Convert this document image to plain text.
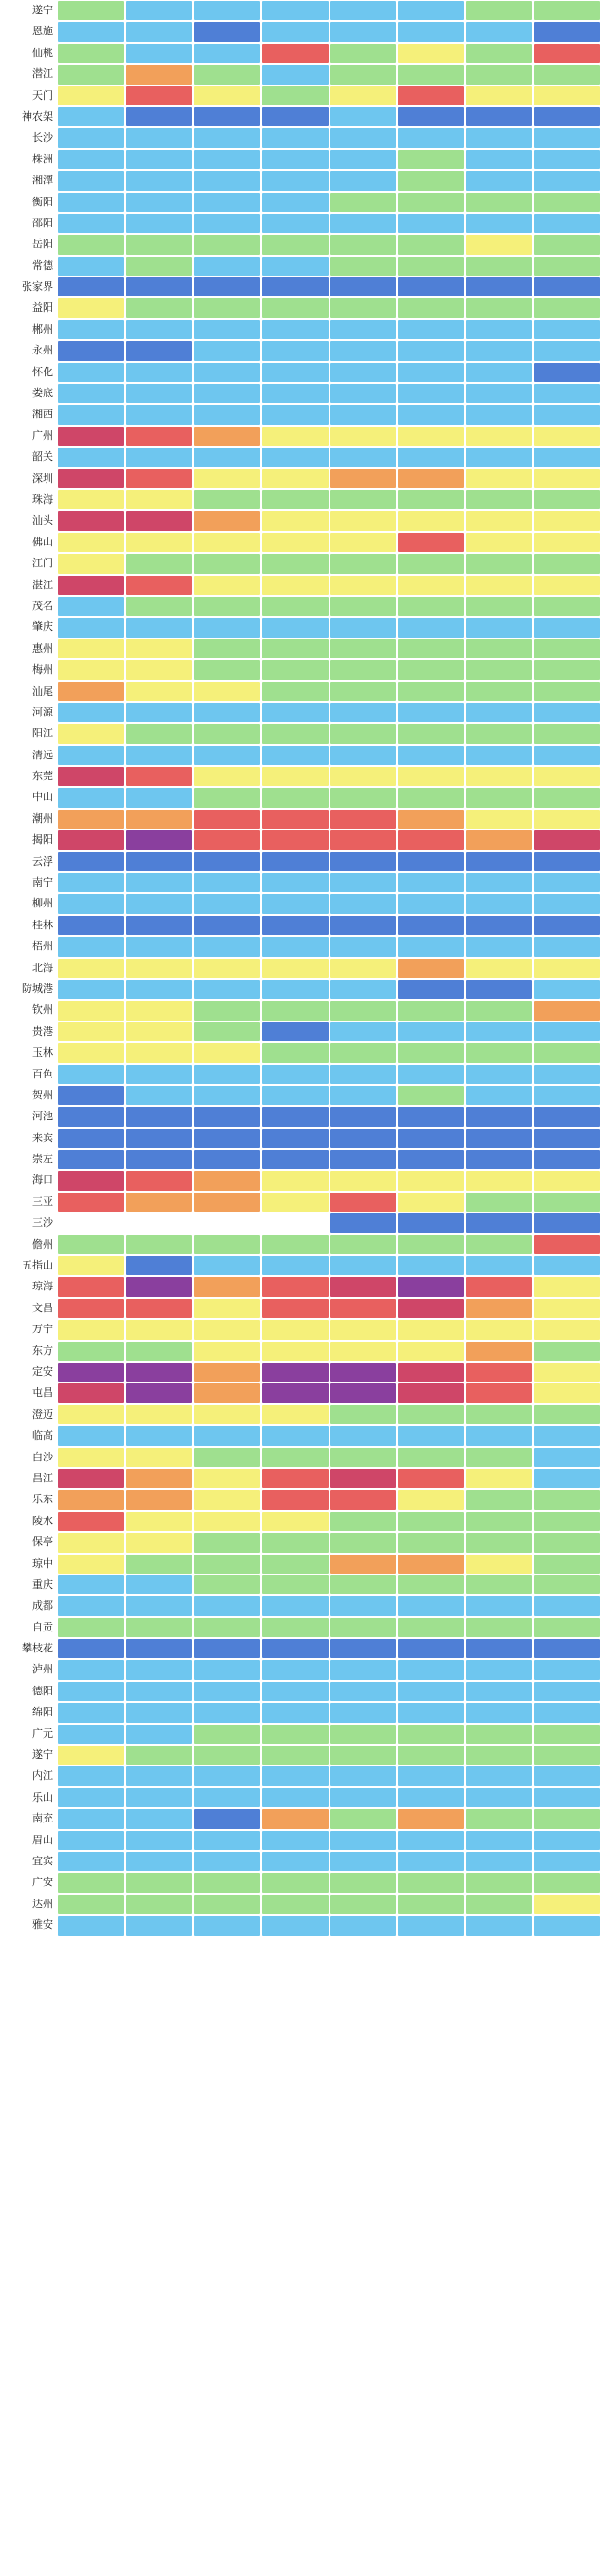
遂宁
恩施
仙桃
潜江
天门
神农架
长沙
株洲
湘潭
衡阳
邵阳
岳阳
常德
张家界
益阳
郴州
永州
怀化
娄底
湘西
广州
韶关
深圳
珠海
汕头
佛山
江门
湛江
茂名
肇庆
惠州
梅州
汕尾
河源
阳江
清远
东莞
中山
潮州
揭阳
云浮
南宁
柳州
桂林
梧州
北海
防城港
钦州
贵港
玉林
百色
贺州
河池
来宾
崇左
海口
三亚
三沙
儋州
五指山
琼海
文昌
万宁
东方
定安
屯昌
澄迈
临高
白沙
昌江
乐东
陵水
保亭
琼中
重庆
成都
自贡
攀枝花
泸州
德阳
绵阳
广元
遂宁
内江
乐山
南充
眉山
宜宾
广安
达州
雅安
